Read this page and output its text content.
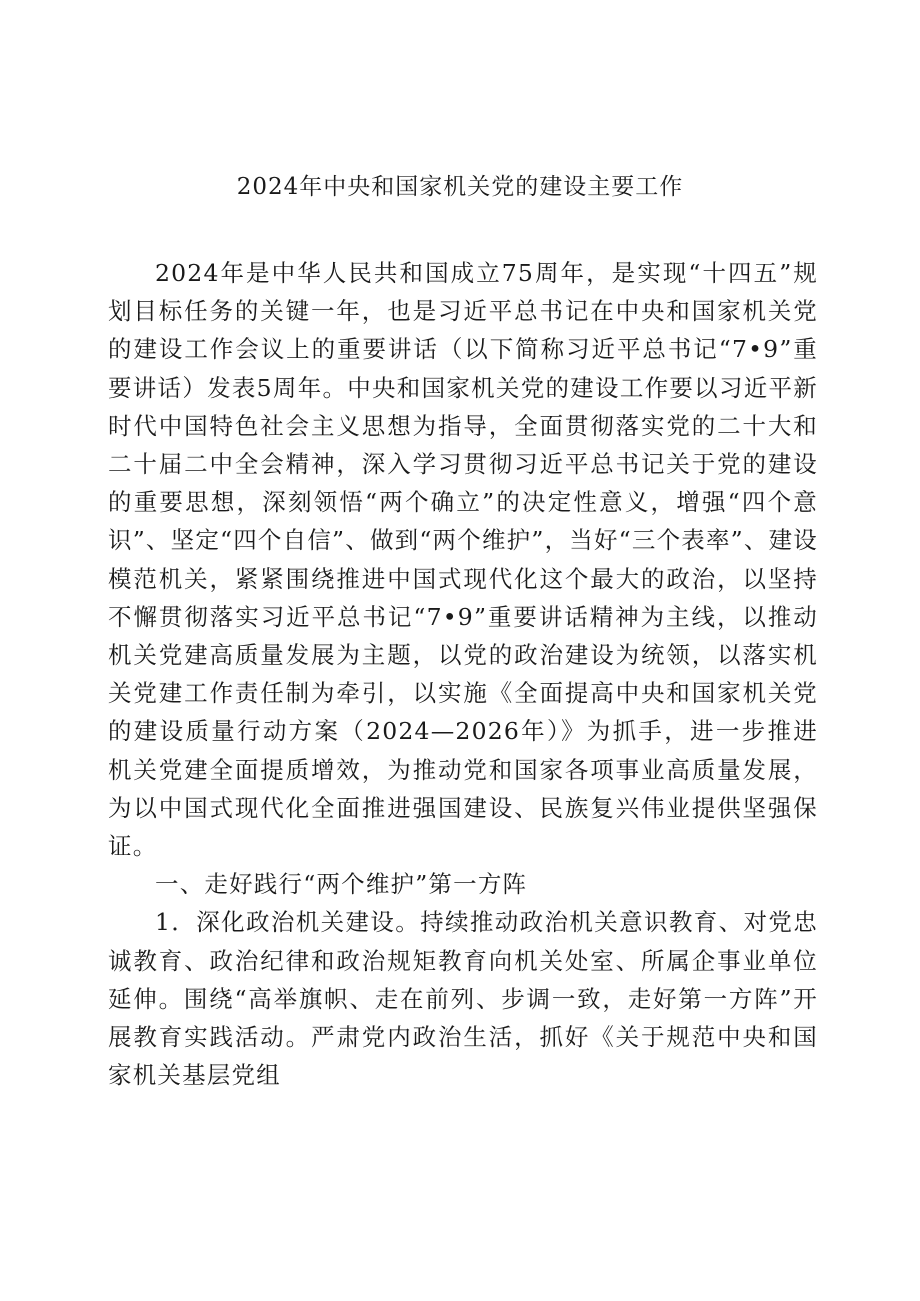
2024年中央和国家机关党的建设主要工作

2024年是中华人民共和国成立75周年，是实现“十四五”规划目标任务的关键一年，也是习近平总书记在中央和国家机关党的建设工作会议上的重要讲话（以下简称习近平总书记“7•9”重要讲话）发表5周年。中央和国家机关党的建设工作要以习近平新时代中国特色社会主义思想为指导，全面贯彻落实党的二十大和二十届二中全会精神，深入学习贯彻习近平总书记关于党的建设的重要思想，深刻领悟“两个确立”的决定性意义，增强“四个意识”、坚定“四个自信”、做到“两个维护”，当好“三个表率”、建设模范机关，紧紧围绕推进中国式现代化这个最大的政治，以坚持不懈贯彻落实习近平总书记“7•9”重要讲话精神为主线，以推动机关党建高质量发展为主题，以党的政治建设为统领，以落实机关党建工作责任制为牵引，以实施《全面提高中央和国家机关党的建设质量行动方案（2024—2026年）》为抓手，进一步推进机关党建全面提质增效，为推动党和国家各项事业高质量发展，为以中国式现代化全面推进强国建设、民族复兴伟业提供坚强保证。

一、走好践行“两个维护”第一方阵

1．深化政治机关建设。持续推动政治机关意识教育、对党忠诚教育、政治纪律和政治规矩教育向机关处室、所属企事业单位延伸。围绕“高举旗帜、走在前列、步调一致，走好第一方阵”开展教育实践活动。严肃党内政治生活，抓好《关于规范中央和国家机关基层党组
